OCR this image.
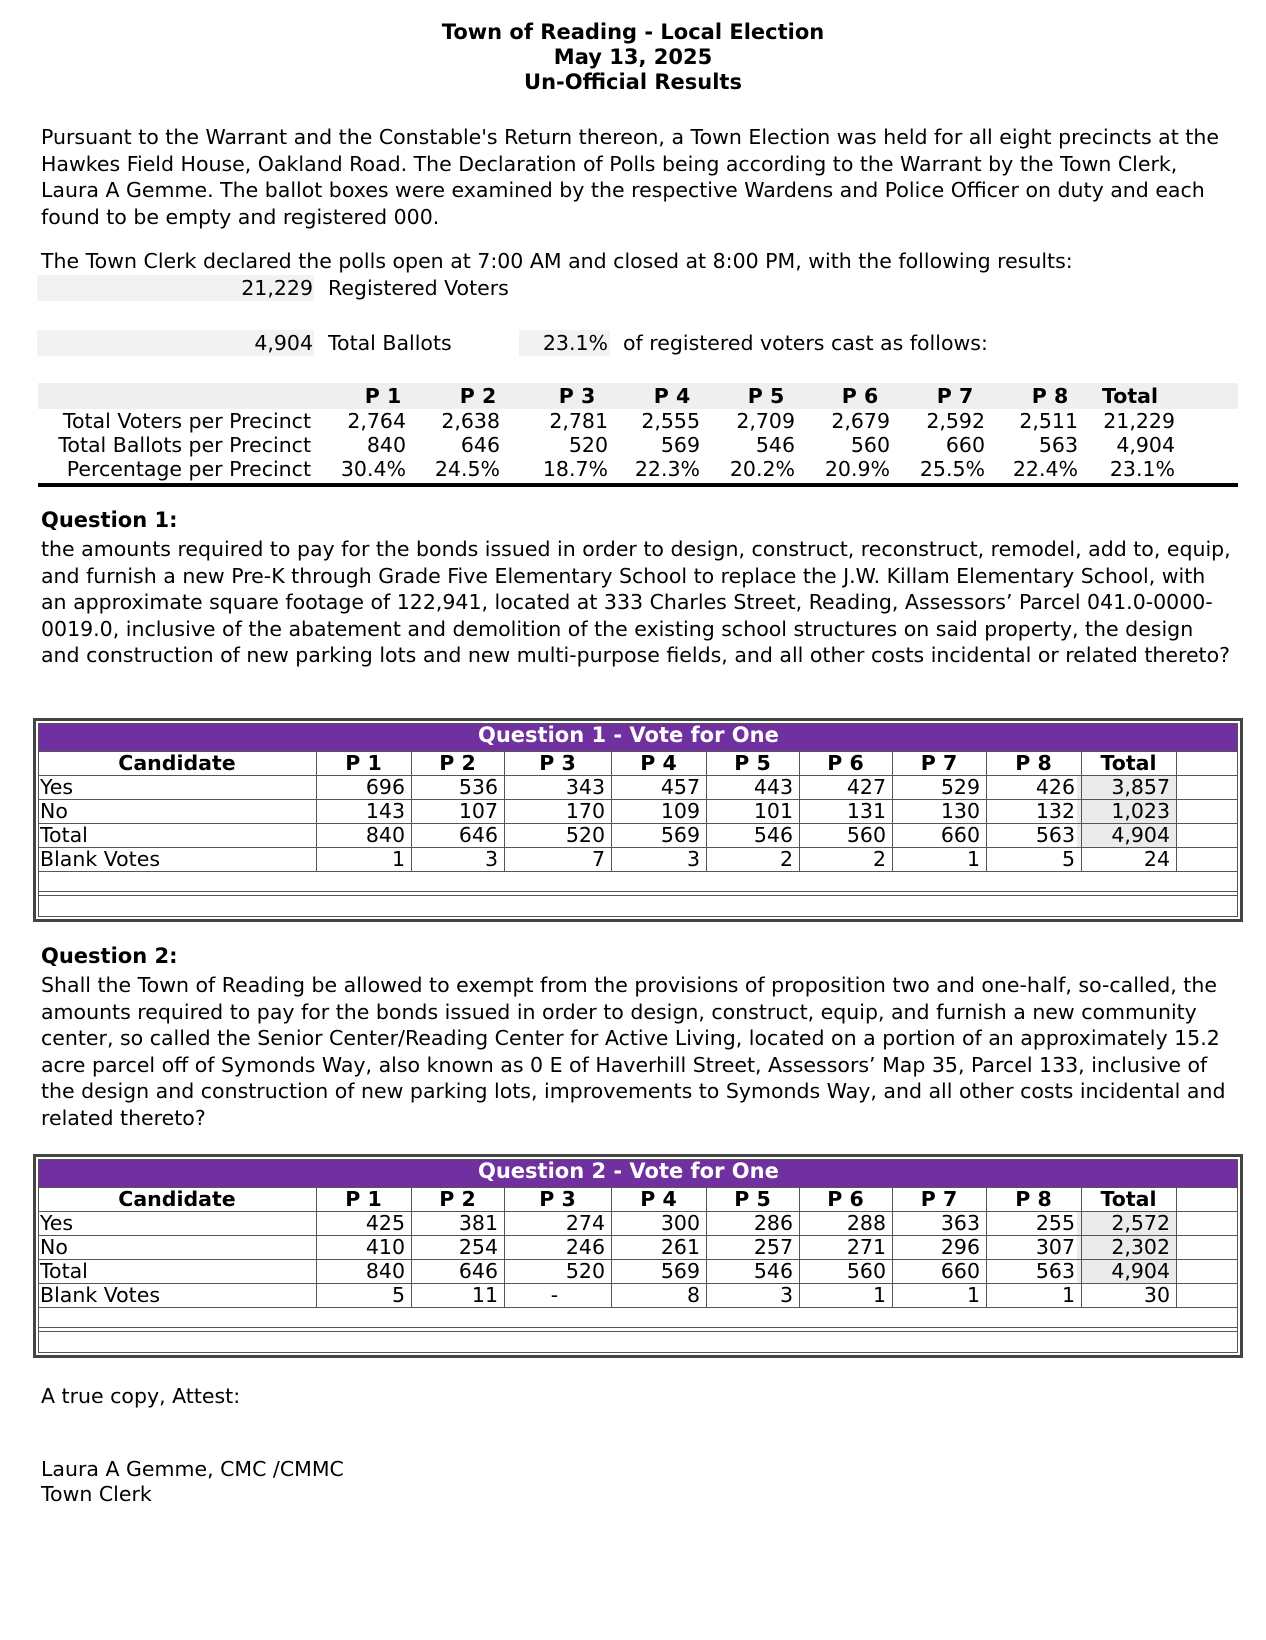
Town of Reading - Local Election
May 13, 2025
Un-Official Results
Pursuant to the Warrant and the Constable's Return thereon, a Town Election was held for all eight precincts at the Hawkes Field House, Oakland Road. The Declaration of Polls being according to the Warrant by the Town Clerk, Laura A Gemme. The ballot boxes were examined by the respective Wardens and Police Officer on duty and each found to be empty and registered 000.
The Town Clerk declared the polls open at 7:00 AM and closed at 8:00 PM, with the following results:
21,229 Registered Voters
4,904 Total Ballots	23.1% of registered voters cast as follows:
P 1	P 2	P 3	P 4	P 5	P 6	P 7	P 8	Total
Total Voters per Precinct	2,764	2,638	2,781	2,555	2,709	2,679	2,592	2,511	21,229
Total Ballots per Precinct	840	646	520	569	546	560	660	563	4,904
Percentage per Precinct	30.4%	24.5%	18.7%	22.3%	20.2%	20.9%	25.5%	22.4%	23.1%
Question 1:
the amounts required to pay for the bonds issued in order to design, construct, reconstruct, remodel, add to, equip, and furnish a new Pre-K through Grade Five Elementary School to replace the J.W. Killam Elementary School, with an approximate square footage of 122,941, located at 333 Charles Street, Reading, Assessors’ Parcel 041.0-0000-0019.0, inclusive of the abatement and demolition of the existing school structures on said property, the design and construction of new parking lots and new multi-purpose fields, and all other costs incidental or related thereto?
Question 1 - Vote for One
Candidate	P 1	P 2	P 3	P 4	P 5	P 6	P 7	P 8	Total
Yes	696	536	343	457	443	427	529	426	3,857
No	143	107	170	109	101	131	130	132	1,023
Total	840	646	520	569	546	560	660	563	4,904
Blank Votes	1	3	7	3	2	2	1	5	24
Question 2:
Shall the Town of Reading be allowed to exempt from the provisions of proposition two and one-half, so-called, the amounts required to pay for the bonds issued in order to design, construct, equip, and furnish a new community center, so called the Senior Center/Reading Center for Active Living, located on a portion of an approximately 15.2 acre parcel off of Symonds Way, also known as 0 E of Haverhill Street, Assessors’ Map 35, Parcel 133, inclusive of the design and construction of new parking lots, improvements to Symonds Way, and all other costs incidental and related thereto?
Question 2 - Vote for One
Candidate	P 1	P 2	P 3	P 4	P 5	P 6	P 7	P 8	Total
Yes	425	381	274	300	286	288	363	255	2,572
No	410	254	246	261	257	271	296	307	2,302
Total	840	646	520	569	546	560	660	563	4,904
Blank Votes	5	11	-	8	3	1	1	1	30
A true copy, Attest:
Laura A Gemme, CMC /CMMC
Town Clerk
